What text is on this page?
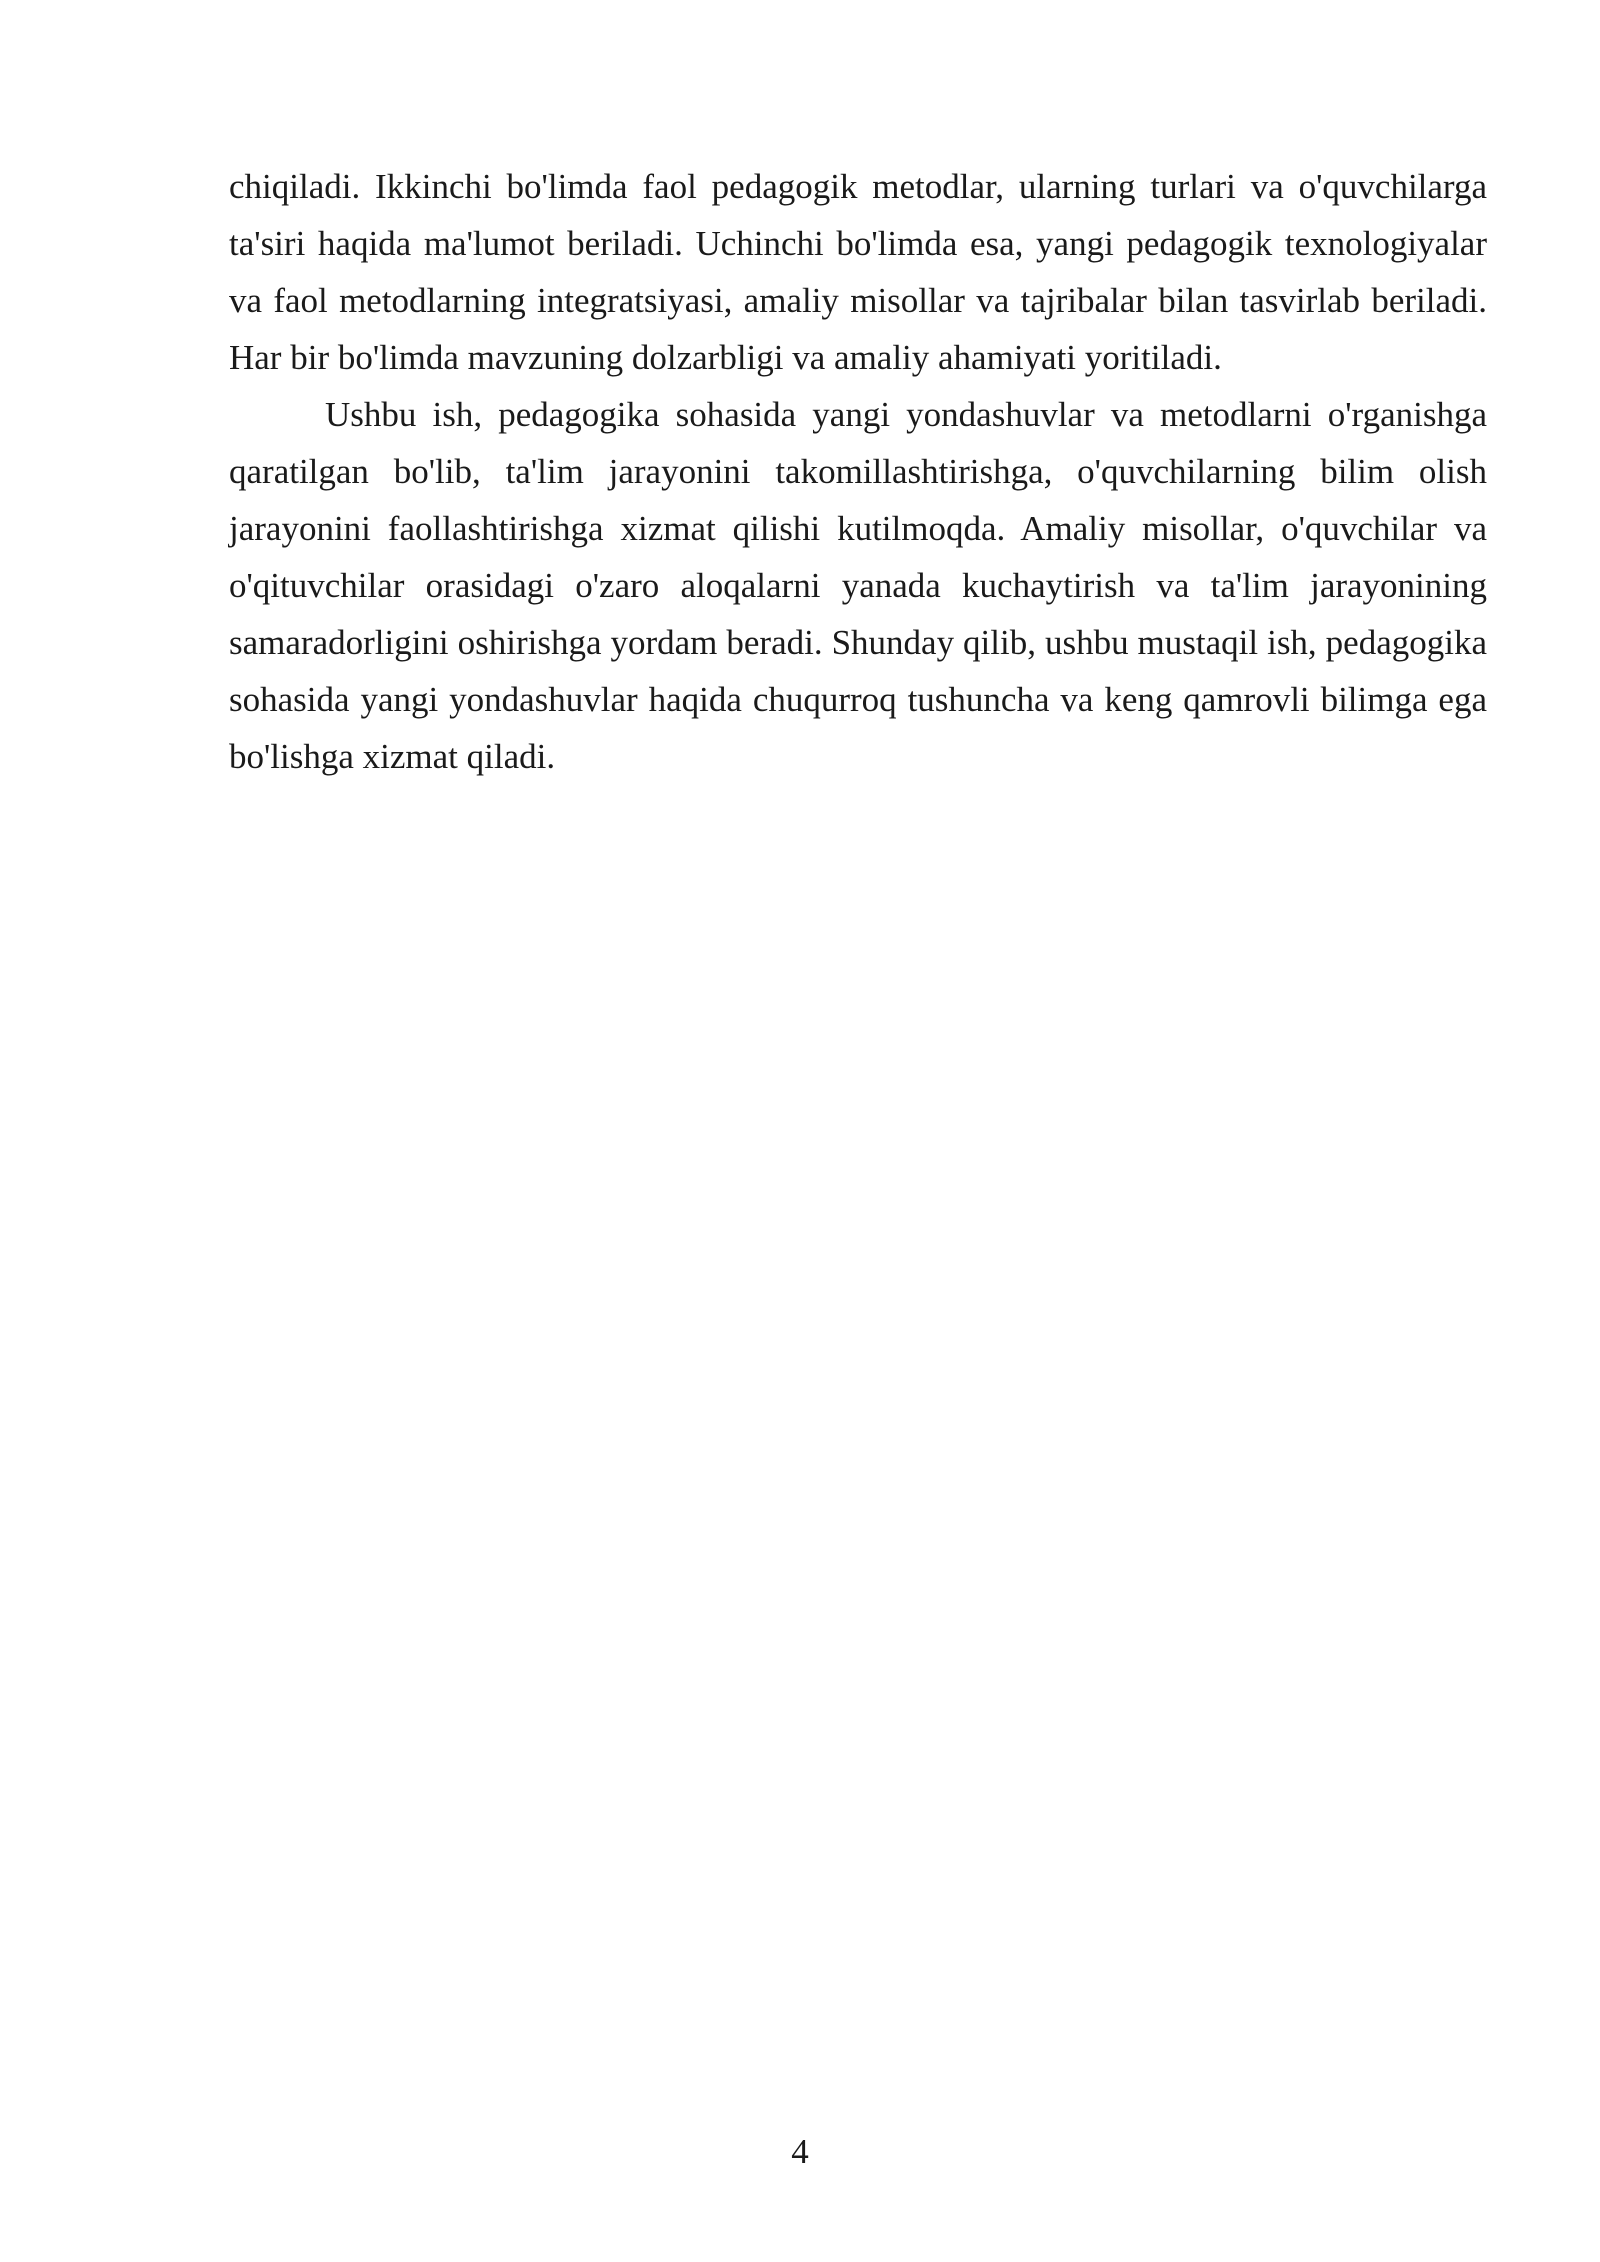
chiqiladi. Ikkinchi bo'limda faol pedagogik metodlar, ularning turlari va o'quvchilarga ta'siri haqida ma'lumot beriladi. Uchinchi bo'limda esa, yangi pedagogik texnologiyalar va faol metodlarning integratsiyasi, amaliy misollar va tajribalar bilan tasvirlab beriladi. Har bir bo'limda mavzuning dolzarbligi va amaliy ahamiyati yoritiladi.

Ushbu ish, pedagogika sohasida yangi yondashuvlar va metodlarni o'rganishga qaratilgan bo'lib, ta'lim jarayonini takomillashtirishga, o'quvchilarning bilim olish jarayonini faollashtirishga xizmat qilishi kutilmoqda. Amaliy misollar, o'quvchilar va o'qituvchilar orasidagi o'zaro aloqalarni yanada kuchaytirish va ta'lim jarayonining samaradorligini oshirishga yordam beradi. Shunday qilib, ushbu mustaqil ish, pedagogika sohasida yangi yondashuvlar haqida chuqurroq tushuncha va keng qamrovli bilimga ega bo'lishga xizmat qiladi.

4
